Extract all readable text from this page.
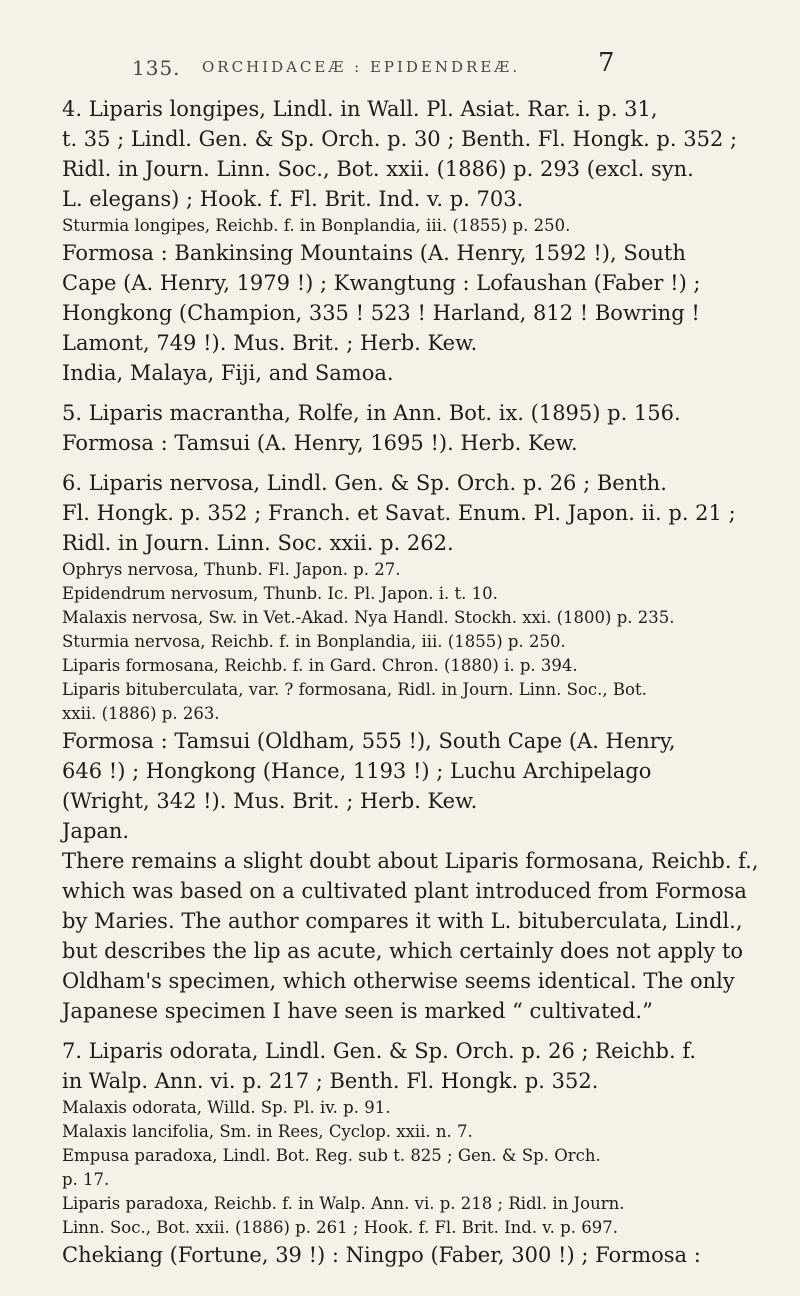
135. ORCHIDACEÆ : EPIDENDREÆ.	7
4. Liparis longipes, Lindl. in Wall. Pl. Asiat. Rar. i. p. 31,
t. 35 ; Lindl. Gen. & Sp. Orch. p. 30 ; Benth. Fl. Hongk. p. 352 ;
Ridl. in Journ. Linn. Soc., Bot. xxii. (1886) p. 293 (excl. syn.
L. elegans) ; Hook. f. Fl. Brit. Ind. v. p. 703.
Sturmia longipes, Reichb. f. in Bonplandia, iii. (1855) p. 250.
Formosa : Bankinsing Mountains (A. Henry, 1592 !), South
Cape (A. Henry, 1979 !) ; Kwangtung : Lofaushan (Faber !) ;
Hongkong (Champion, 335 ! 523 ! Harland, 812 ! Bowring !
Lamont, 749 !). Mus. Brit. ; Herb. Kew.
India, Malaya, Fiji, and Samoa.
5. Liparis macrantha, Rolfe, in Ann. Bot. ix. (1895) p. 156.
Formosa : Tamsui (A. Henry, 1695 !). Herb. Kew.
6. Liparis nervosa, Lindl. Gen. & Sp. Orch. p. 26 ; Benth.
Fl. Hongk. p. 352 ; Franch. et Savat. Enum. Pl. Japon. ii. p. 21 ;
Ridl. in Journ. Linn. Soc. xxii. p. 262.
Ophrys nervosa, Thunb. Fl. Japon. p. 27.
Epidendrum nervosum, Thunb. Ic. Pl. Japon. i. t. 10.
Malaxis nervosa, Sw. in Vet.-Akad. Nya Handl. Stockh. xxi. (1800) p. 235.
Sturmia nervosa, Reichb. f. in Bonplandia, iii. (1855) p. 250.
Liparis formosana, Reichb. f. in Gard. Chron. (1880) i. p. 394.
Liparis bituberculata, var. ? formosana, Ridl. in Journ. Linn. Soc., Bot.
xxii. (1886) p. 263.
Formosa : Tamsui (Oldham, 555 !), South Cape (A. Henry,
646 !) ; Hongkong (Hance, 1193 !) ; Luchu Archipelago
(Wright, 342 !). Mus. Brit. ; Herb. Kew.
Japan.
There remains a slight doubt about Liparis formosana, Reichb. f.,
which was based on a cultivated plant introduced from Formosa
by Maries. The author compares it with L. bituberculata, Lindl.,
but describes the lip as acute, which certainly does not apply to
Oldham's specimen, which otherwise seems identical. The only
Japanese specimen I have seen is marked “ cultivated.”
7. Liparis odorata, Lindl. Gen. & Sp. Orch. p. 26 ; Reichb. f.
in Walp. Ann. vi. p. 217 ; Benth. Fl. Hongk. p. 352.
Malaxis odorata, Willd. Sp. Pl. iv. p. 91.
Malaxis lancifolia, Sm. in Rees, Cyclop. xxii. n. 7.
Empusa paradoxa, Lindl. Bot. Reg. sub t. 825 ; Gen. & Sp. Orch.
p. 17.
Liparis paradoxa, Reichb. f. in Walp. Ann. vi. p. 218 ; Ridl. in Journ.
Linn. Soc., Bot. xxii. (1886) p. 261 ; Hook. f. Fl. Brit. Ind. v. p. 697.
Chekiang (Fortune, 39 !) : Ningpo (Faber, 300 !) ; Formosa :
